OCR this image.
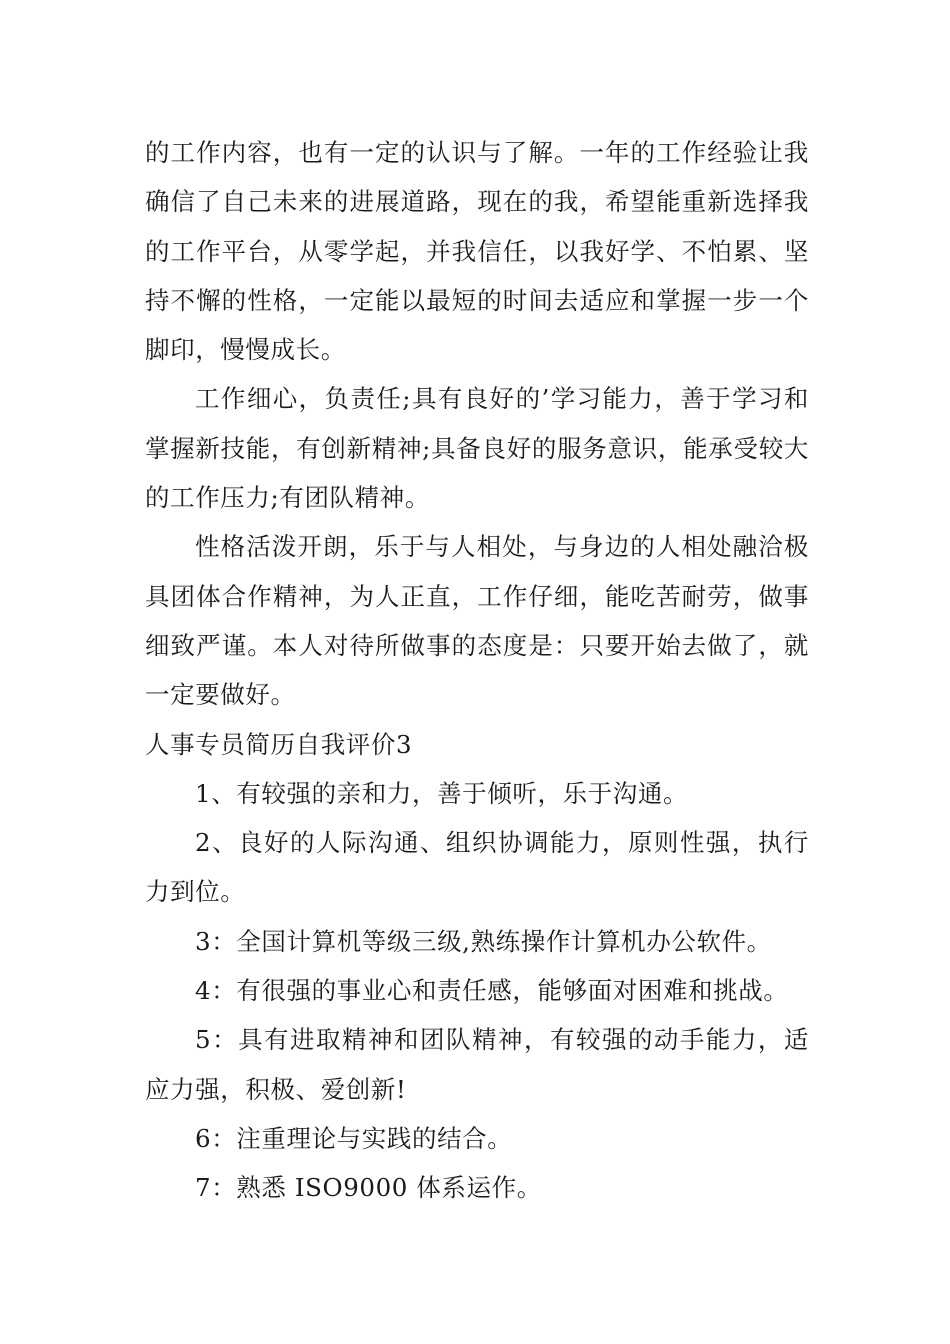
的工作内容，也有一定的认识与了解。一年的工作经验让我确信了自己未来的进展道路，现在的我，希望能重新选择我的工作平台，从零学起，并我信任，以我好学、不怕累、坚持不懈的性格，一定能以最短的时间去适应和掌握一步一个脚印，慢慢成长。

工作细心，负责任;具有良好的’学习能力，善于学习和掌握新技能，有创新精神;具备良好的服务意识，能承受较大的工作压力;有团队精神。

性格活泼开朗，乐于与人相处，与身边的人相处融洽极具团体合作精神，为人正直，工作仔细，能吃苦耐劳，做事细致严谨。本人对待所做事的态度是：只要开始去做了，就一定要做好。

人事专员简历自我评价3

1、有较强的亲和力，善于倾听，乐于沟通。

2、良好的人际沟通、组织协调能力，原则性强，执行力到位。

3：全国计算机等级三级,熟练操作计算机办公软件。

4：有很强的事业心和责任感，能够面对困难和挑战。

5：具有进取精神和团队精神，有较强的动手能力，适应力强，积极、爱创新!

6：注重理论与实践的结合。

7：熟悉 ISO9000 体系运作。
